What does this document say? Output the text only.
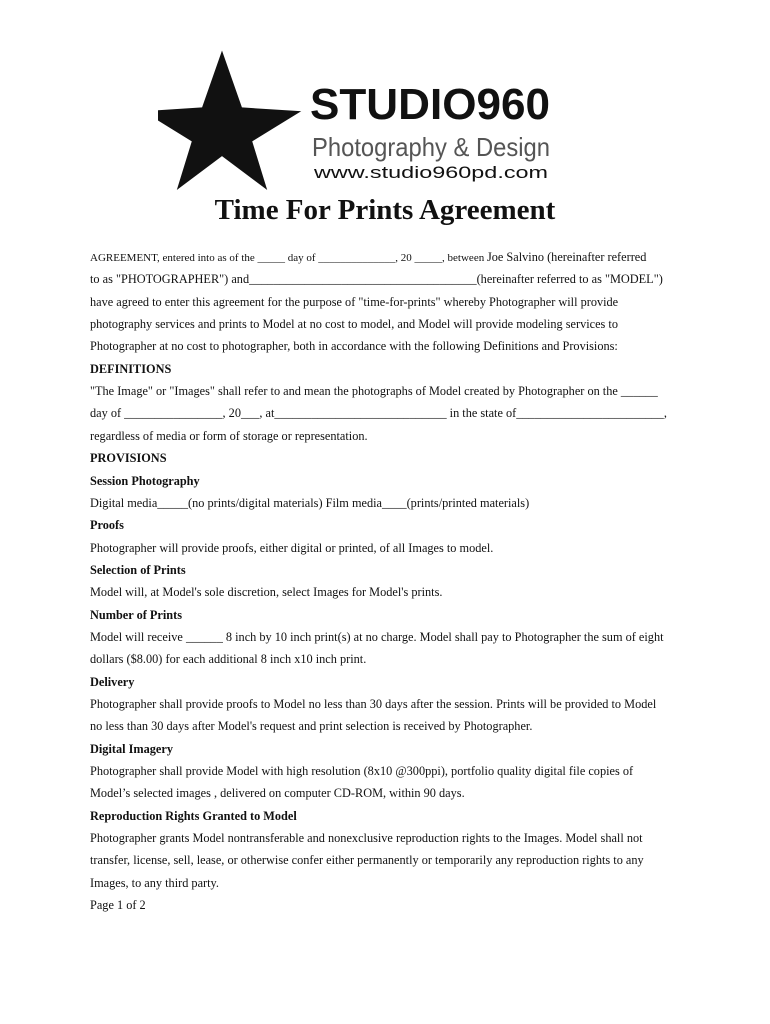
STUDIO960
Photography & Design
www.studio960pd.com
Time For Prints Agreement

AGREEMENT, entered into as of the _____ day of ______________, 20 _____, between Joe Salvino (hereinafter referred

to as "PHOTOGRAPHER") and_____________________________________(hereinafter referred to as "MODEL")

have agreed to enter this agreement for the purpose of "time-for-prints" whereby Photographer will provide

photography services and prints to Model at no cost to model, and Model will provide modeling services to

Photographer at no cost to photographer, both in accordance with the following Definitions and Provisions:

DEFINITIONS

"The Image" or "Images" shall refer to and mean the photographs of Model created by Photographer on the ______

day of ________________, 20___, at____________________________ in the state of________________________,

regardless of media or form of storage or representation.

PROVISIONS

Session Photography

Digital media_____(no prints/digital materials) Film media____(prints/printed materials)

Proofs

Photographer will provide proofs, either digital or printed, of all Images to model.

Selection of Prints

Model will, at Model's sole discretion, select Images for Model's prints.

Number of Prints

Model will receive ______ 8 inch by 10 inch print(s) at no charge. Model shall pay to Photographer the sum of eight

dollars ($8.00) for each additional 8 inch x10 inch print.

Delivery

Photographer shall provide proofs to Model no less than 30 days after the session. Prints will be provided to Model

no less than 30 days after Model's request and print selection is received by Photographer.

Digital Imagery

Photographer shall provide Model with high resolution (8x10 @300ppi), portfolio quality digital file copies of

Model’s selected images , delivered on computer CD-ROM, within 90 days.

Reproduction Rights Granted to Model

Photographer grants Model nontransferable and nonexclusive reproduction rights to the Images. Model shall not

transfer, license, sell, lease, or otherwise confer either permanently or temporarily any reproduction rights to any

Images, to any third party.

Page 1 of 2
